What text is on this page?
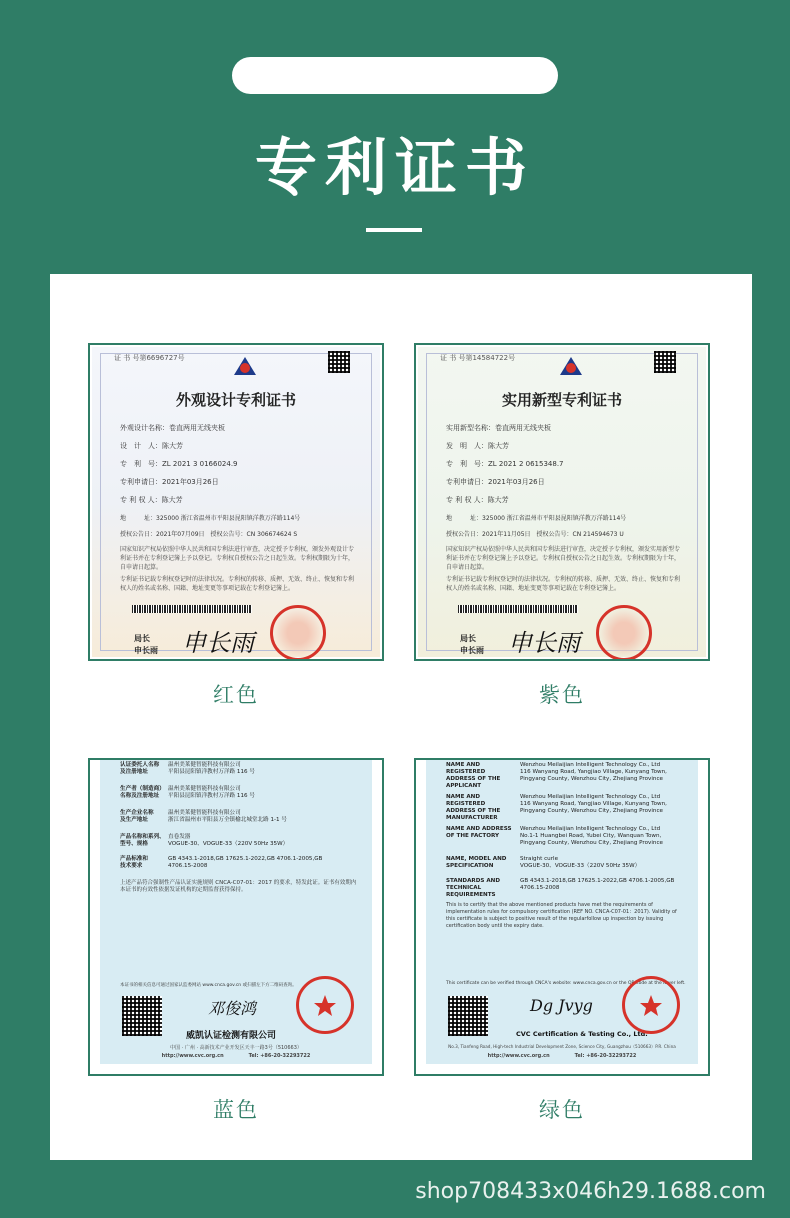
专利证书
证 书 号第6696727号
外观设计专利证书
外观设计名称：卷直两用无线夹板
设　计　人：陈大芳
专　利　号：ZL 2021 3 0166024.9
专利申请日：2021年03月26日
专 利 权 人：陈大芳
地　　　址：325000 浙江省温州市平阳县昆阳镇洋教万洋路114号
授权公告日：2021年07月09日　授权公告号：CN 306674624 S
国家知识产权局依照中华人民共和国专利法进行审查，决定授予专利权，颁发外观设计专利证书并在专利登记簿上予以登记。专利权自授权公告之日起生效。专利权期限为十年，自申请日起算。
专利证书记载专利权登记时的法律状况。专利权的转移、质押、无效、终止、恢复和专利权人的姓名或名称、国籍、地址变更等事项记载在专利登记簿上。
局长
申长雨 申长雨
红色
证 书 号第14584722号
实用新型专利证书
实用新型名称：卷直两用无线夹板
发　明　人：陈大芳
专　利　号：ZL 2021 2 0615348.7
专利申请日：2021年03月26日
专 利 权 人：陈大芳
地　　　址：325000 浙江省温州市平阳县昆阳镇洋教万洋路114号
授权公告日：2021年11月05日　授权公告号：CN 214594673 U
国家知识产权局依照中华人民共和国专利法进行审查，决定授予专利权，颁发实用新型专利证书并在专利登记簿上予以登记。专利权自授权公告之日起生效。专利权期限为十年，自申请日起算。
专利证书记载专利权登记时的法律状况。专利权的转移、质押、无效、终止、恢复和专利权人的姓名或名称、国籍、地址变更等事项记载在专利登记簿上。
局长
申长雨 申长雨
紫色
认证委托人名称
及注册地址温州美莱健智能科技有限公司
平阳县昆阳镇洋教村万洋路 116 号
生产者（制造商）
名称及注册地址温州美莱健智能科技有限公司
平阳县昆阳镇洋教村万洋路 116 号
生产企业名称
及生产地址温州美莱健智能科技有限公司
浙江省温州市平阳县万全镇榆北城堂北路 1-1 号
产品名称和系列、
型号、规格直卷发器
VOGUE-30、VOGUE-33（220V 50Hz 35W）
产品标准和
技术要求GB 4343.1-2018,GB 17625.1-2022,GB 4706.1-2005,GB 4706.15-2008
上述产品符合强制性产品认证实施规则 CNCA-C07-01：2017 的要求，特发此证。证书有效期内本证书的有效性依据发证机构的定期监督获得保持。
本证书的相关信息可通过国家认监委网站 www.cnca.gov.cn 或扫描左下方二维码查询。
邓俊鸿
威凯认证检测有限公司
中国 · 广州 · 高新技术产业开发区天丰一路3号（510663）
http://www.cvc.org.cn　　　　　Tel: +86-20-32293722
蓝色
NAME AND REGISTERED
ADDRESS OF THE APPLICANTWenzhou Meilaijian Intelligent Technology Co., Ltd
116 Wanyang Road, Yangjiao Village, Kunyang Town, Pingyang County, Wenzhou City, Zhejiang Province
NAME AND REGISTERED
ADDRESS OF THE
MANUFACTURERWenzhou Meilaijian Intelligent Technology Co., Ltd
116 Wanyang Road, Yangjiao Village, Kunyang Town, Pingyang County, Wenzhou City, Zhejiang Province
NAME AND ADDRESS
OF THE FACTORYWenzhou Meilaijian Intelligent Technology Co., Ltd
No.1-1 Huangbei Road, Yubei City, Wanquan Town, Pingyang County, Wenzhou City, Zhejiang Province
NAME, MODEL AND
SPECIFICATIONStraight curle
VOGUE-30、VOGUE-33（220V 50Hz 35W）
STANDARDS AND
TECHNICAL REQUIREMENTSGB 4343.1-2018,GB 17625.1-2022,GB 4706.1-2005,GB 4706.15-2008
This is to certify that the above mentioned products have met the requirements of implementation rules for compulsory certification (REF NO. CNCA-C07-01：2017). Validity of this certificate is subject to positive result of the regularfollow up inspection by issuing certification body until the expiry date.
This certificate can be verified through CNCA's website: www.cnca.gov.cn or the QR code at the lower left.
Dg Jvyg
CVC Certification & Testing Co., Ltd.
No.3, Tianfeng Road, High-tech Industrial Development Zone, Science City, Guangzhou（510663）P.R. China
http://www.cvc.org.cn　　　　　Tel: +86-20-32293722
绿色
shop708433x046h29.1688.com
